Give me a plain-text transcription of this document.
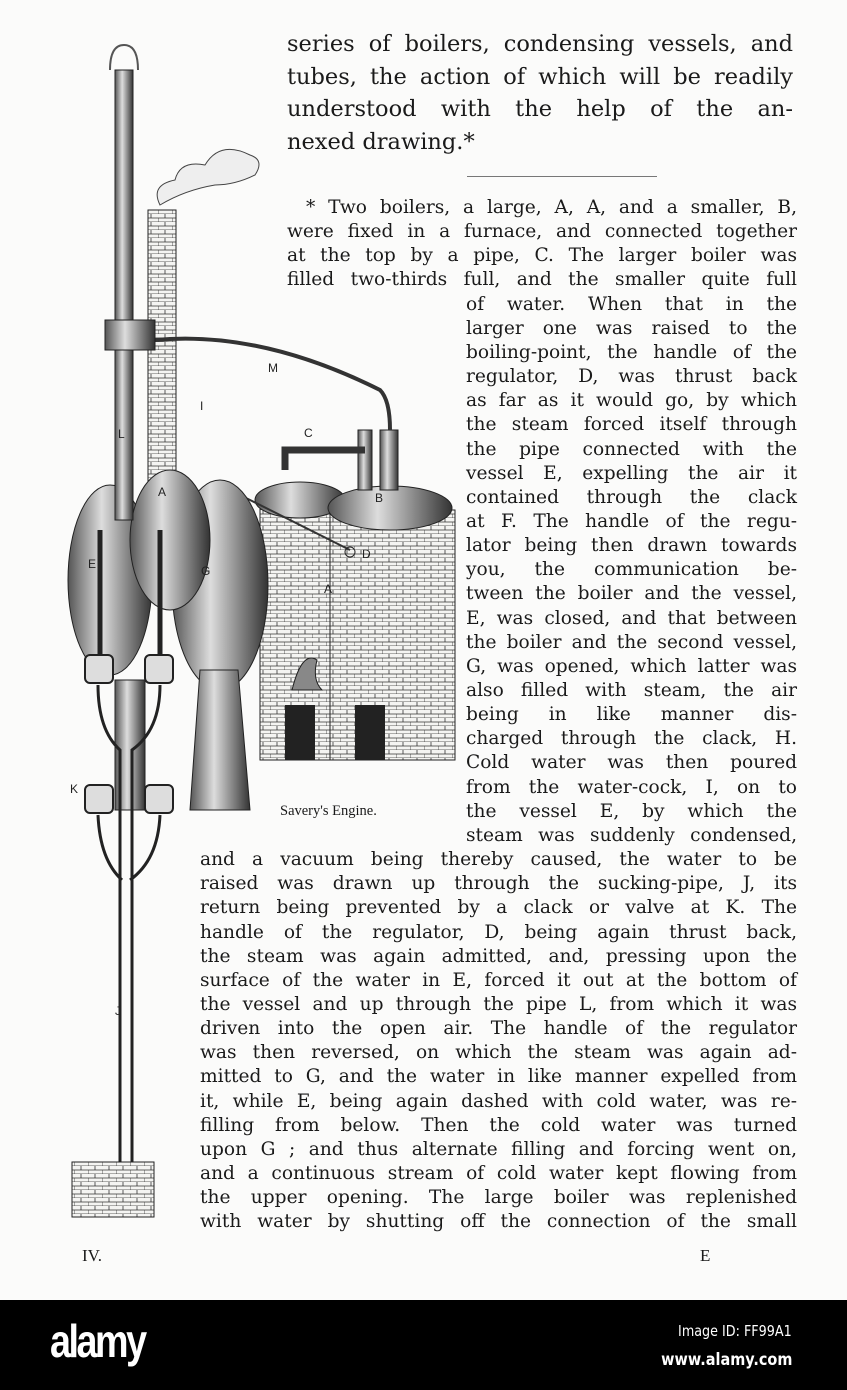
series of boilers, condensing vessels, and
tubes, the action of which will be readily
understood with the help of the an-
nexed drawing.*
* Two boilers, a large, A, A, and a smaller, B,
were fixed in a furnace, and connected together
at the top by a pipe, C. The larger boiler was
filled two-thirds full, and the smaller quite full
of water. When that in the
larger one was raised to the
boiling-point, the handle of the
regulator, D, was thrust back
as far as it would go, by which
the steam forced itself through
the pipe connected with the
vessel E, expelling the air it
contained through the clack
at F. The handle of the regu-
lator being then drawn towards
you, the communication be-
tween the boiler and the vessel,
E, was closed, and that between
the boiler and the second vessel,
G, was opened, which latter was
also filled with steam, the air
being in like manner dis-
charged through the clack, H.
Cold water was then poured
from the water-cock, I, on to
the vessel E, by which the
steam was suddenly condensed,
and a vacuum being thereby caused, the water to be
raised was drawn up through the sucking-pipe, J, its
return being prevented by a clack or valve at K. The
handle of the regulator, D, being again thrust back,
the steam was again admitted, and, pressing upon the
surface of the water in E, forced it out at the bottom of
the vessel and up through the pipe L, from which it was
driven into the open air. The handle of the regulator
was then reversed, on which the steam was again ad-
mitted to G, and the water in like manner expelled from
it, while E, being again dashed with cold water, was re-
filling from below. Then the cold water was turned
upon G ; and thus alternate filling and forcing went on,
and a continuous stream of cold water kept flowing from
the upper opening. The large boiler was replenished
with water by shutting off the connection of the small
M
L
I
C
A
A
B
D
E	G
K
J
Savery's Engine.
IV.	E
alamy	Image ID: FF99A1
www.alamy.com
